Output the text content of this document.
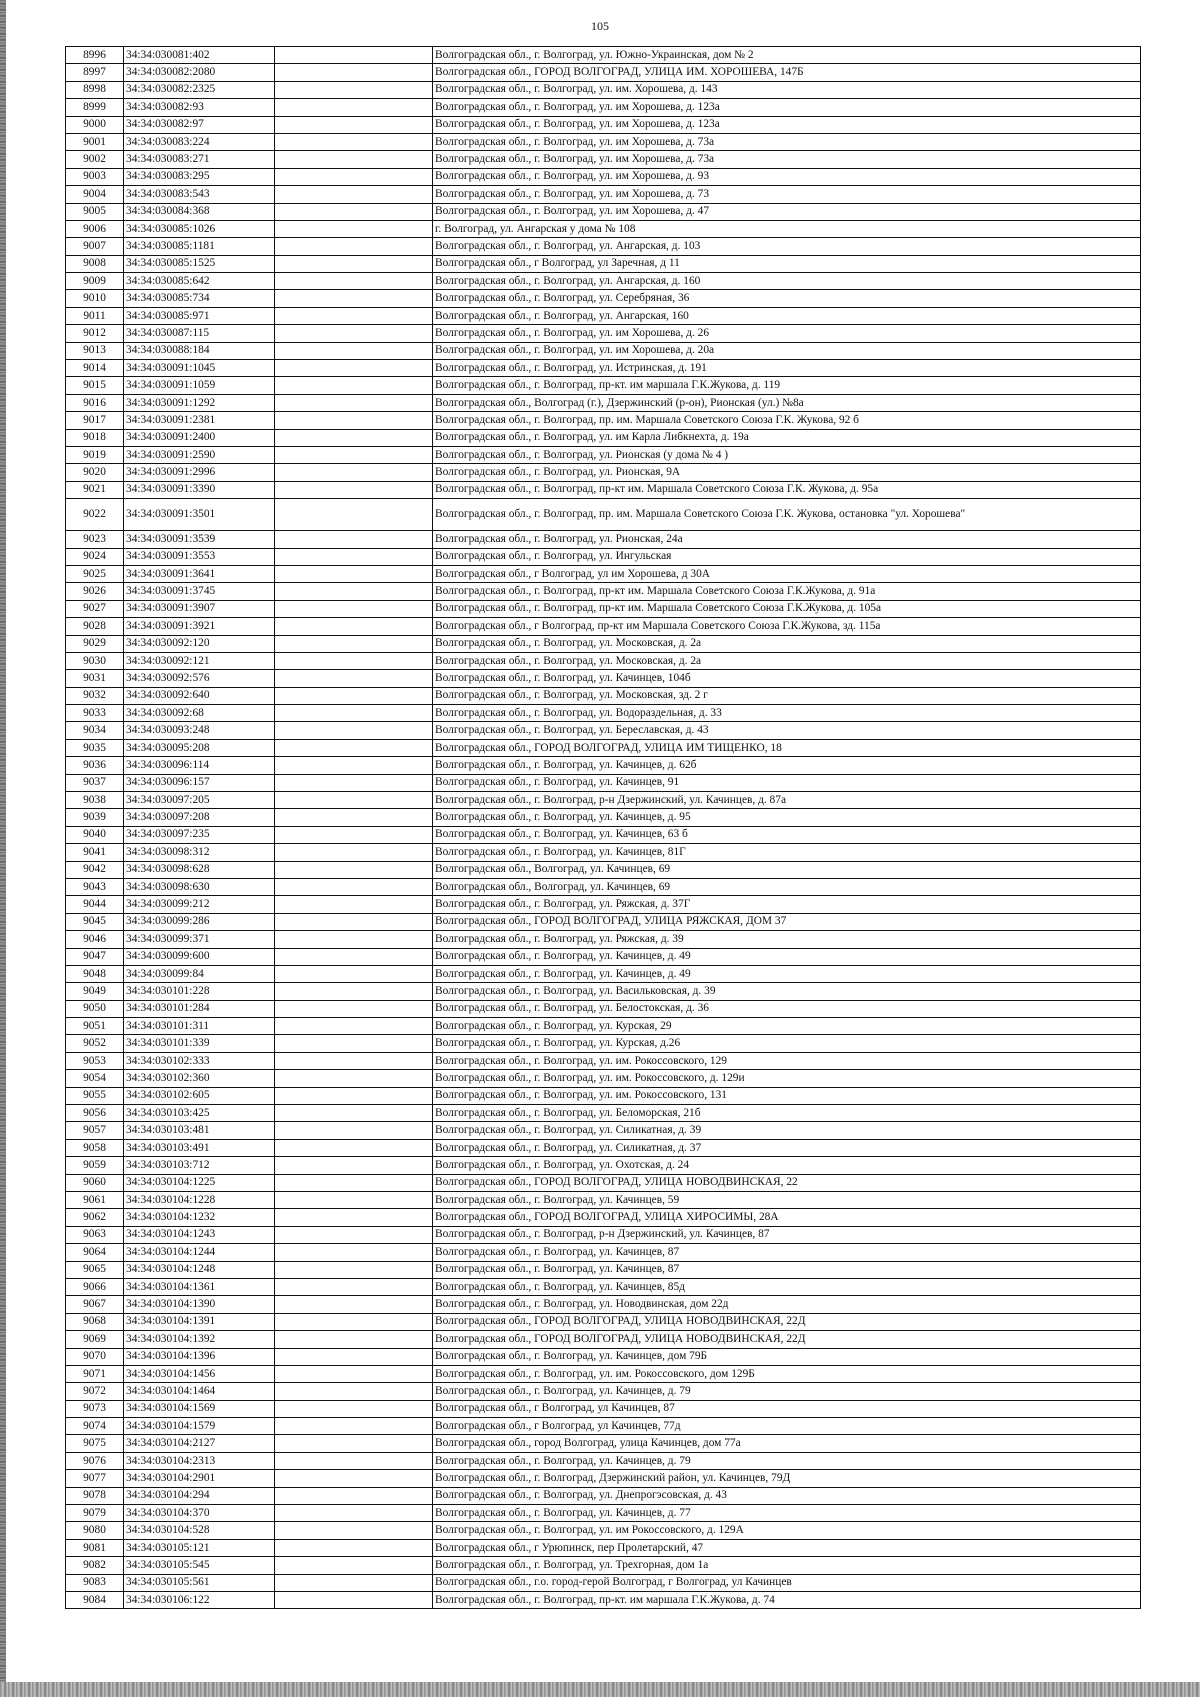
105
8996	34:34:030081:402		Волгоградская обл., г. Волгоград, ул. Южно-Украинская, дом № 2
8997	34:34:030082:2080		Волгоградская обл., ГОРОД ВОЛГОГРАД, УЛИЦА ИМ. ХОРОШЕВА, 147Б
8998	34:34:030082:2325		Волгоградская обл., г. Волгоград, ул. им. Хорошева, д. 143
8999	34:34:030082:93		Волгоградская обл., г. Волгоград, ул. им Хорошева, д. 123а
9000	34:34:030082:97		Волгоградская обл., г. Волгоград, ул. им Хорошева, д. 123а
9001	34:34:030083:224		Волгоградская обл., г. Волгоград, ул. им Хорошева, д. 73а
9002	34:34:030083:271		Волгоградская обл., г. Волгоград, ул. им Хорошева, д. 73а
9003	34:34:030083:295		Волгоградская обл., г. Волгоград, ул. им Хорошева, д. 93
9004	34:34:030083:543		Волгоградская обл., г. Волгоград, ул. им Хорошева, д. 73
9005	34:34:030084:368		Волгоградская обл., г. Волгоград, ул. им Хорошева, д. 47
9006	34:34:030085:1026		г. Волгоград, ул. Ангарская у дома № 108
9007	34:34:030085:1181		Волгоградская обл., г. Волгоград, ул. Ангарская, д. 103
9008	34:34:030085:1525		Волгоградская обл., г Волгоград, ул Заречная, д 11
9009	34:34:030085:642		Волгоградская обл., г. Волгоград, ул. Ангарская, д. 160
9010	34:34:030085:734		Волгоградская обл., г. Волгоград, ул. Серебряная, 36
9011	34:34:030085:971		Волгоградская обл., г. Волгоград, ул. Ангарская, 160
9012	34:34:030087:115		Волгоградская обл., г. Волгоград, ул. им Хорошева, д. 26
9013	34:34:030088:184		Волгоградская обл., г. Волгоград, ул. им Хорошева, д. 20а
9014	34:34:030091:1045		Волгоградская обл., г. Волгоград, ул. Истринская, д. 191
9015	34:34:030091:1059		Волгоградская обл., г. Волгоград, пр-кт. им маршала Г.К.Жукова, д. 119
9016	34:34:030091:1292		Волгоградская обл., Волгоград (г.), Дзержинский (р-он), Рионская (ул.) №8а
9017	34:34:030091:2381		Волгоградская обл., г. Волгоград, пр. им. Маршала Советского Союза Г.К. Жукова, 92 б
9018	34:34:030091:2400		Волгоградская обл., г. Волгоград, ул. им Карла Либкнехта, д. 19а
9019	34:34:030091:2590		Волгоградская обл., г. Волгоград, ул. Рионская (у дома № 4 )
9020	34:34:030091:2996		Волгоградская обл., г. Волгоград, ул. Рионская, 9А
9021	34:34:030091:3390		Волгоградская обл., г. Волгоград, пр-кт им. Маршала Советского Союза Г.К. Жукова, д. 95а
9022	34:34:030091:3501		Волгоградская обл., г. Волгоград, пр. им. Маршала Советского Союза Г.К. Жукова, остановка "ул. Хорошева"
9023	34:34:030091:3539		Волгоградская обл., г. Волгоград, ул. Рионская, 24а
9024	34:34:030091:3553		Волгоградская обл., г. Волгоград, ул. Ингульская
9025	34:34:030091:3641		Волгоградская обл., г Волгоград, ул им Хорошева, д 30А
9026	34:34:030091:3745		Волгоградская обл., г. Волгоград, пр-кт им. Маршала Советского Союза Г.К.Жукова, д. 91а
9027	34:34:030091:3907		Волгоградская обл., г. Волгоград, пр-кт им. Маршала Советского Союза Г.К.Жукова, д. 105а
9028	34:34:030091:3921		Волгоградская обл., г Волгоград, пр-кт им Маршала Советского Союза Г.К.Жукова, зд. 115а
9029	34:34:030092:120		Волгоградская обл., г. Волгоград, ул. Московская, д. 2а
9030	34:34:030092:121		Волгоградская обл., г. Волгоград, ул. Московская, д. 2а
9031	34:34:030092:576		Волгоградская обл., г. Волгоград, ул. Качинцев, 104б
9032	34:34:030092:640		Волгоградская обл., г. Волгоград, ул. Московская, зд. 2 г
9033	34:34:030092:68		Волгоградская обл., г. Волгоград, ул. Водораздельная, д. 33
9034	34:34:030093:248		Волгоградская обл., г. Волгоград, ул. Береславская, д. 43
9035	34:34:030095:208		Волгоградская обл., ГОРОД ВОЛГОГРАД, УЛИЦА ИМ ТИЩЕНКО, 18
9036	34:34:030096:114		Волгоградская обл., г. Волгоград, ул. Качинцев, д. 62б
9037	34:34:030096:157		Волгоградская обл., г. Волгоград, ул. Качинцев, 91
9038	34:34:030097:205		Волгоградская обл., г. Волгоград, р-н Дзержинский, ул. Качинцев, д. 87а
9039	34:34:030097:208		Волгоградская обл., г. Волгоград, ул. Качинцев, д. 95
9040	34:34:030097:235		Волгоградская обл., г. Волгоград, ул. Качинцев, 63 б
9041	34:34:030098:312		Волгоградская обл., г. Волгоград, ул. Качинцев, 81Г
9042	34:34:030098:628		Волгоградская обл., Волгоград, ул. Качинцев, 69
9043	34:34:030098:630		Волгоградская обл., Волгоград, ул. Качинцев, 69
9044	34:34:030099:212		Волгоградская обл., г. Волгоград, ул. Ряжская, д. 37Г
9045	34:34:030099:286		Волгоградская обл., ГОРОД ВОЛГОГРАД, УЛИЦА РЯЖСКАЯ, ДОМ 37
9046	34:34:030099:371		Волгоградская обл., г. Волгоград, ул. Ряжская, д. 39
9047	34:34:030099:600		Волгоградская обл., г. Волгоград, ул. Качинцев, д. 49
9048	34:34:030099:84		Волгоградская обл., г. Волгоград, ул. Качинцев, д. 49
9049	34:34:030101:228		Волгоградская обл., г. Волгоград, ул. Васильковская, д. 39
9050	34:34:030101:284		Волгоградская обл., г. Волгоград, ул. Белостокская, д. 36
9051	34:34:030101:311		Волгоградская обл., г. Волгоград, ул. Курская, 29
9052	34:34:030101:339		Волгоградская обл., г. Волгоград, ул. Курская, д.26
9053	34:34:030102:333		Волгоградская обл., г. Волгоград, ул. им. Рокоссовского, 129
9054	34:34:030102:360		Волгоградская обл., г. Волгоград, ул. им. Рокоссовского, д. 129и
9055	34:34:030102:605		Волгоградская обл., г. Волгоград, ул. им. Рокоссовского, 131
9056	34:34:030103:425		Волгоградская обл., г. Волгоград, ул. Беломорская, 21б
9057	34:34:030103:481		Волгоградская обл., г. Волгоград, ул. Силикатная, д. 39
9058	34:34:030103:491		Волгоградская обл., г. Волгоград, ул. Силикатная, д. 37
9059	34:34:030103:712		Волгоградская обл., г. Волгоград, ул. Охотская, д. 24
9060	34:34:030104:1225		Волгоградская обл., ГОРОД ВОЛГОГРАД, УЛИЦА НОВОДВИНСКАЯ, 22
9061	34:34:030104:1228		Волгоградская обл., г. Волгоград, ул. Качинцев, 59
9062	34:34:030104:1232		Волгоградская обл., ГОРОД ВОЛГОГРАД, УЛИЦА ХИРОСИМЫ, 28А
9063	34:34:030104:1243		Волгоградская обл., г. Волгоград, р-н Дзержинский, ул. Качинцев, 87
9064	34:34:030104:1244		Волгоградская обл., г. Волгоград, ул. Качинцев, 87
9065	34:34:030104:1248		Волгоградская обл., г. Волгоград, ул. Качинцев, 87
9066	34:34:030104:1361		Волгоградская обл., г. Волгоград, ул. Качинцев, 85д
9067	34:34:030104:1390		Волгоградская обл., г. Волгоград, ул. Новодвинская, дом 22д
9068	34:34:030104:1391		Волгоградская обл., ГОРОД ВОЛГОГРАД, УЛИЦА НОВОДВИНСКАЯ, 22Д
9069	34:34:030104:1392		Волгоградская обл., ГОРОД ВОЛГОГРАД, УЛИЦА НОВОДВИНСКАЯ, 22Д
9070	34:34:030104:1396		Волгоградская обл., г. Волгоград, ул. Качинцев, дом 79Б
9071	34:34:030104:1456		Волгоградская обл., г. Волгоград, ул. им. Рокоссовского, дом 129Б
9072	34:34:030104:1464		Волгоградская обл., г. Волгоград, ул. Качинцев, д. 79
9073	34:34:030104:1569		Волгоградская обл., г Волгоград, ул Качинцев, 87
9074	34:34:030104:1579		Волгоградская обл., г Волгоград, ул Качинцев, 77д
9075	34:34:030104:2127		Волгоградская обл., город Волгоград, улица Качинцев, дом 77а
9076	34:34:030104:2313		Волгоградская обл., г. Волгоград, ул. Качинцев, д. 79
9077	34:34:030104:2901		Волгоградская обл., г. Волгоград, Дзержинский район, ул. Качинцев, 79Д
9078	34:34:030104:294		Волгоградская обл., г. Волгоград, ул. Днепрогэсовская, д. 43
9079	34:34:030104:370		Волгоградская обл., г. Волгоград, ул. Качинцев, д. 77
9080	34:34:030104:528		Волгоградская обл., г. Волгоград, ул. им Рокоссовского, д. 129А
9081	34:34:030105:121		Волгоградская обл., г Урюпинск, пер Пролетарский, 47
9082	34:34:030105:545		Волгоградская обл., г. Волгоград, ул. Трехгорная, дом 1а
9083	34:34:030105:561		Волгоградская обл., г.о. город-герой Волгоград, г Волгоград, ул Качинцев
9084	34:34:030106:122		Волгоградская обл., г. Волгоград, пр-кт. им маршала Г.К.Жукова, д. 74
